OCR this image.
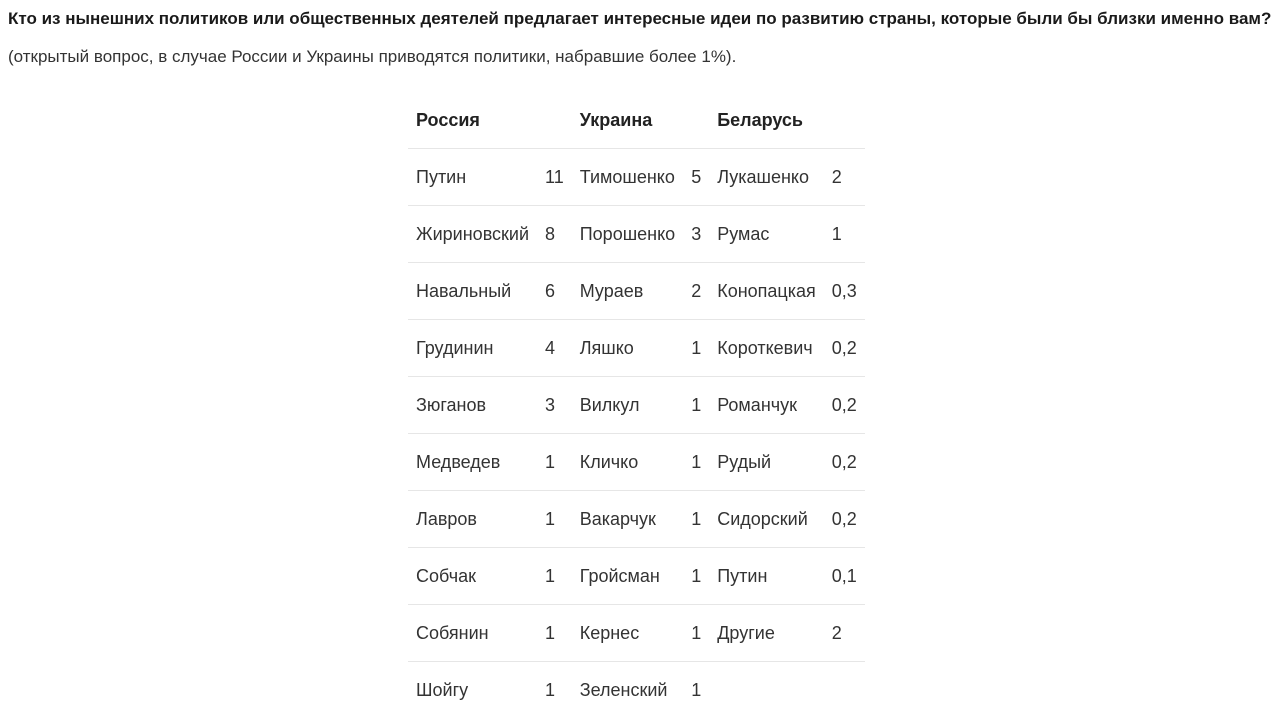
Кто из нынешних политиков или общественных деятелей предлагает интересные идеи по развитию страны, которые были бы близки именно вам? (открытый вопрос, в случае России и Украины приводятся политики, набравшие более 1%).

Россия		Украина		Беларусь	
Путин	11	Тимошенко	5	Лукашенко	2
Жириновский	8	Порошенко	3	Румас	1
Навальный	6	Мураев	2	Конопацкая	0,3
Грудинин	4	Ляшко	1	Короткевич	0,2
Зюганов	3	Вилкул	1	Романчук	0,2
Медведев	1	Кличко	1	Рудый	0,2
Лавров	1	Вакарчук	1	Сидорский	0,2
Собчак	1	Гройсман	1	Путин	0,1
Собянин	1	Кернес	1	Другие	2
Шойгу	1	Зеленский	1		
